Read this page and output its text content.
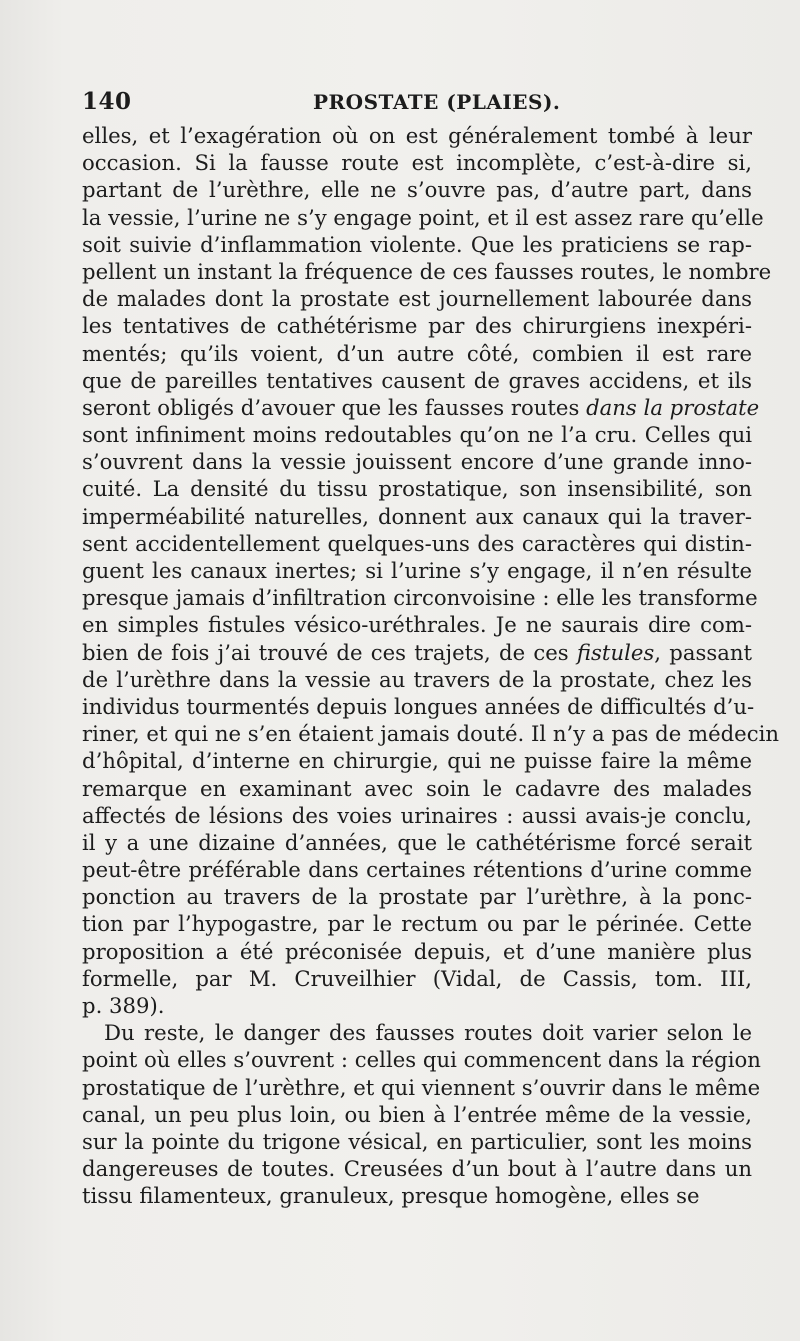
140	PROSTATE (PLAIES).
elles, et l’exagération où on est généralement tombé à leur
occasion. Si la fausse route est incomplète, c’est-à-dire si,
partant de l’urèthre, elle ne s’ouvre pas, d’autre part, dans
la vessie, l’urine ne s’y engage point, et il est assez rare qu’elle
soit suivie d’inflammation violente. Que les praticiens se rap-
pellent un instant la fréquence de ces fausses routes, le nombre
de malades dont la prostate est journellement labourée dans
les tentatives de cathétérisme par des chirurgiens inexpéri-
mentés; qu’ils voient, d’un autre côté, combien il est rare
que de pareilles tentatives causent de graves accidens, et ils
seront obligés d’avouer que les fausses routes dans la prostate
sont infiniment moins redoutables qu’on ne l’a cru. Celles qui
s’ouvrent dans la vessie jouissent encore d’une grande inno-
cuité. La densité du tissu prostatique, son insensibilité, son
imperméabilité naturelles, donnent aux canaux qui la traver-
sent accidentellement quelques-uns des caractères qui distin-
guent les canaux inertes; si l’urine s’y engage, il n’en résulte
presque jamais d’infiltration circonvoisine : elle les transforme
en simples fistules vésico-uréthrales. Je ne saurais dire com-
bien de fois j’ai trouvé de ces trajets, de ces fistules, passant
de l’urèthre dans la vessie au travers de la prostate, chez les
individus tourmentés depuis longues années de difficultés d’u-
riner, et qui ne s’en étaient jamais douté. Il n’y a pas de médecin
d’hôpital, d’interne en chirurgie, qui ne puisse faire la même
remarque en examinant avec soin le cadavre des malades
affectés de lésions des voies urinaires : aussi avais-je conclu,
il y a une dizaine d’années, que le cathétérisme forcé serait
peut-être préférable dans certaines rétentions d’urine comme
ponction au travers de la prostate par l’urèthre, à la ponc-
tion par l’hypogastre, par le rectum ou par le périnée. Cette
proposition a été préconisée depuis, et d’une manière plus
formelle, par M. Cruveilhier (Vidal, de Cassis, tom. III,
p. 389).
Du reste, le danger des fausses routes doit varier selon le
point où elles s’ouvrent : celles qui commencent dans la région
prostatique de l’urèthre, et qui viennent s’ouvrir dans le même
canal, un peu plus loin, ou bien à l’entrée même de la vessie,
sur la pointe du trigone vésical, en particulier, sont les moins
dangereuses de toutes. Creusées d’un bout à l’autre dans un
tissu filamenteux, granuleux, presque homogène, elles se
